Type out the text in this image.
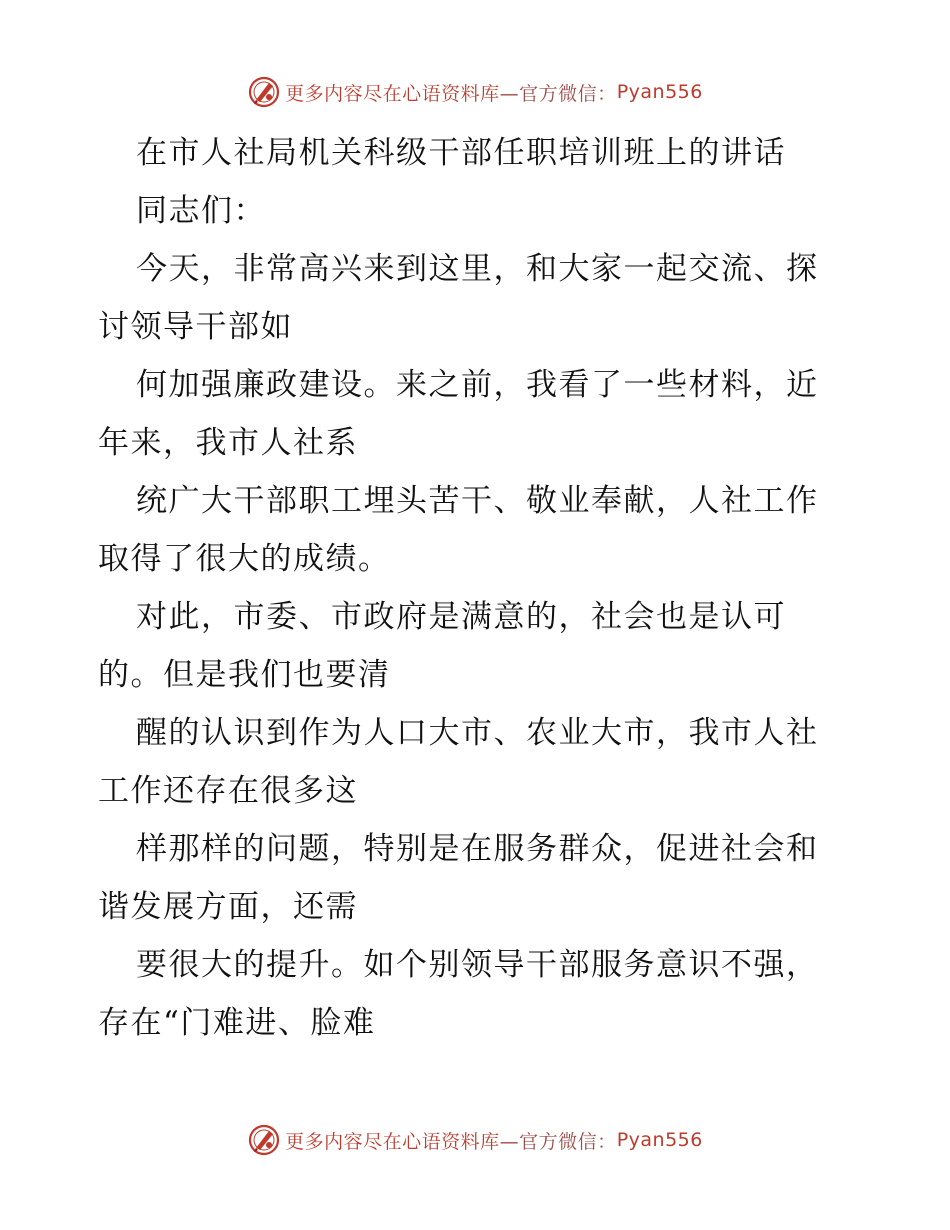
更多内容尽在心语资料库 —官方微信： Pyan556
在市人社局机关科级干部任职培训班上的讲话
同志们：
今天，非常高兴来到这里，和大家一起交流、探
讨领导干部如
何加强廉政建设。来之前，我看了一些材料，近
年来，我市人社系
统广大干部职工埋头苦干、敬业奉献，人社工作
取得了很大的成绩。
对此，市委、市政府是满意的，社会也是认可
的。但是我们也要清
醒的认识到作为人口大市、农业大市，我市人社
工作还存在很多这
样那样的问题，特别是在服务群众，促进社会和
谐发展方面，还需
要很大的提升。如个别领导干部服务意识不强，
存在“门难进、脸难
更多内容尽在心语资料库 —官方微信： Pyan556
